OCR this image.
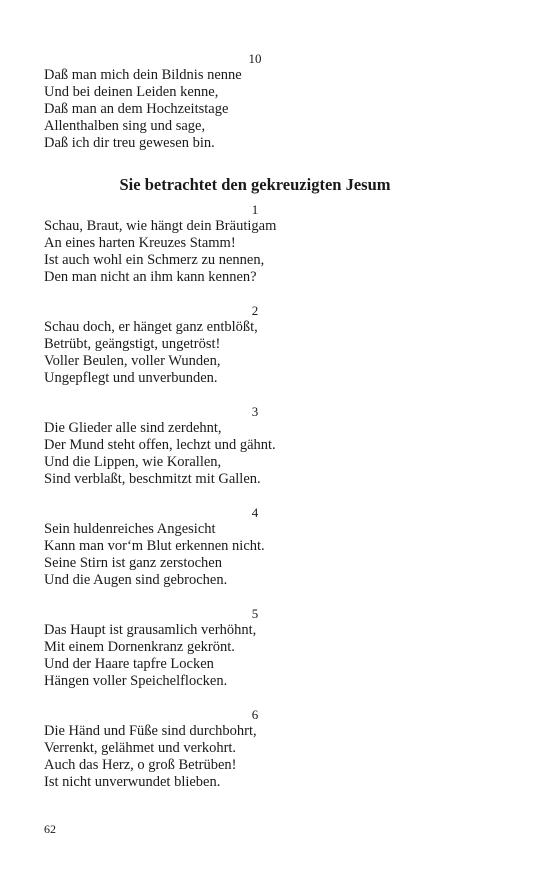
10
Daß man mich dein Bildnis nenne
Und bei deinen Leiden kenne,
Daß man an dem Hochzeitstage
Allenthalben sing und sage,
Daß ich dir treu gewesen bin.
Sie betrachtet den gekreuzigten Jesum
1
Schau, Braut, wie hängt dein Bräutigam
An eines harten Kreuzes Stamm!
Ist auch wohl ein Schmerz zu nennen,
Den man nicht an ihm kann kennen?
2
Schau doch, er hänget ganz entblößt,
Betrübt, geängstigt, ungetröst!
Voller Beulen, voller Wunden,
Ungepflegt und unverbunden.
3
Die Glieder alle sind zerdehnt,
Der Mund steht offen, lechzt und gähnt.
Und die Lippen, wie Korallen,
Sind verblaßt, beschmitzt mit Gallen.
4
Sein huldenreiches Angesicht
Kann man vor‘m Blut erkennen nicht.
Seine Stirn ist ganz zerstochen
Und die Augen sind gebrochen.
5
Das Haupt ist grausamlich verhöhnt,
Mit einem Dornenkranz gekrönt.
Und der Haare tapfre Locken
Hängen voller Speichelflocken.
6
Die Händ und Füße sind durchbohrt,
Verrenkt, gelähmet und verkohrt.
Auch das Herz, o groß Betrüben!
Ist nicht unverwundet blieben.
62
